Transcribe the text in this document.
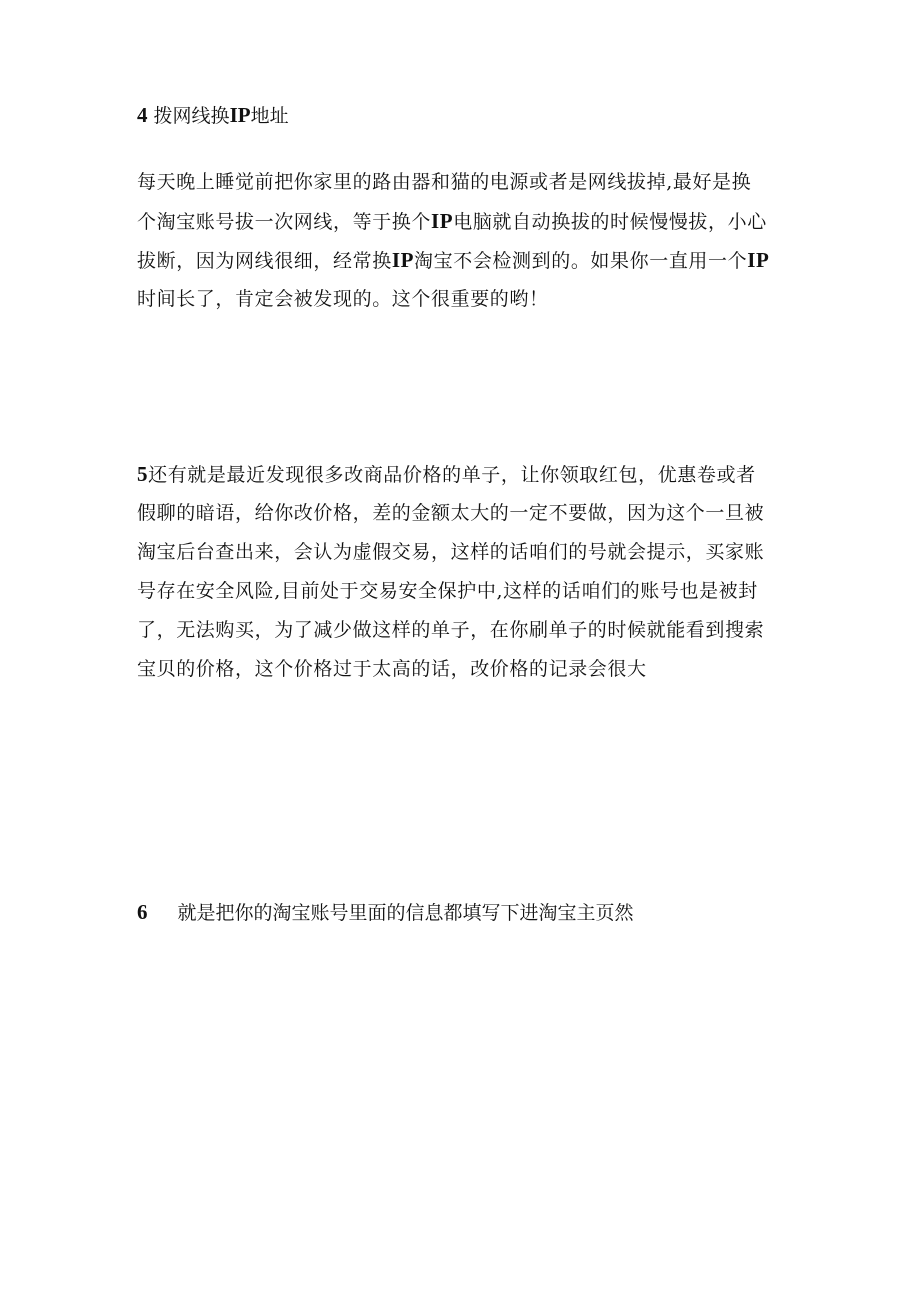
4 拨网线换IP地址
每天晚上睡觉前把你家里的路由器和猫的电源或者是网线拔掉,最好是换
个淘宝账号拔一次网线，等于换个IP电脑就自动换拔的时候慢慢拔，小心
拔断，因为网线很细，经常换IP淘宝不会检测到的。如果你一直用一个IP
时间长了，肯定会被发现的。这个很重要的哟！
5还有就是最近发现很多改商品价格的单子，让你领取红包，优惠卷或者
假聊的暗语，给你改价格，差的金额太大的一定不要做，因为这个一旦被
淘宝后台查出来，会认为虚假交易，这样的话咱们的号就会提示，买家账
号存在安全风险,目前处于交易安全保护中,这样的话咱们的账号也是被封
了，无法购买，为了减少做这样的单子，在你刷单子的时候就能看到搜索
宝贝的价格，这个价格过于太高的话，改价格的记录会很大
6 就是把你的淘宝账号里面的信息都填写下进淘宝主页然
